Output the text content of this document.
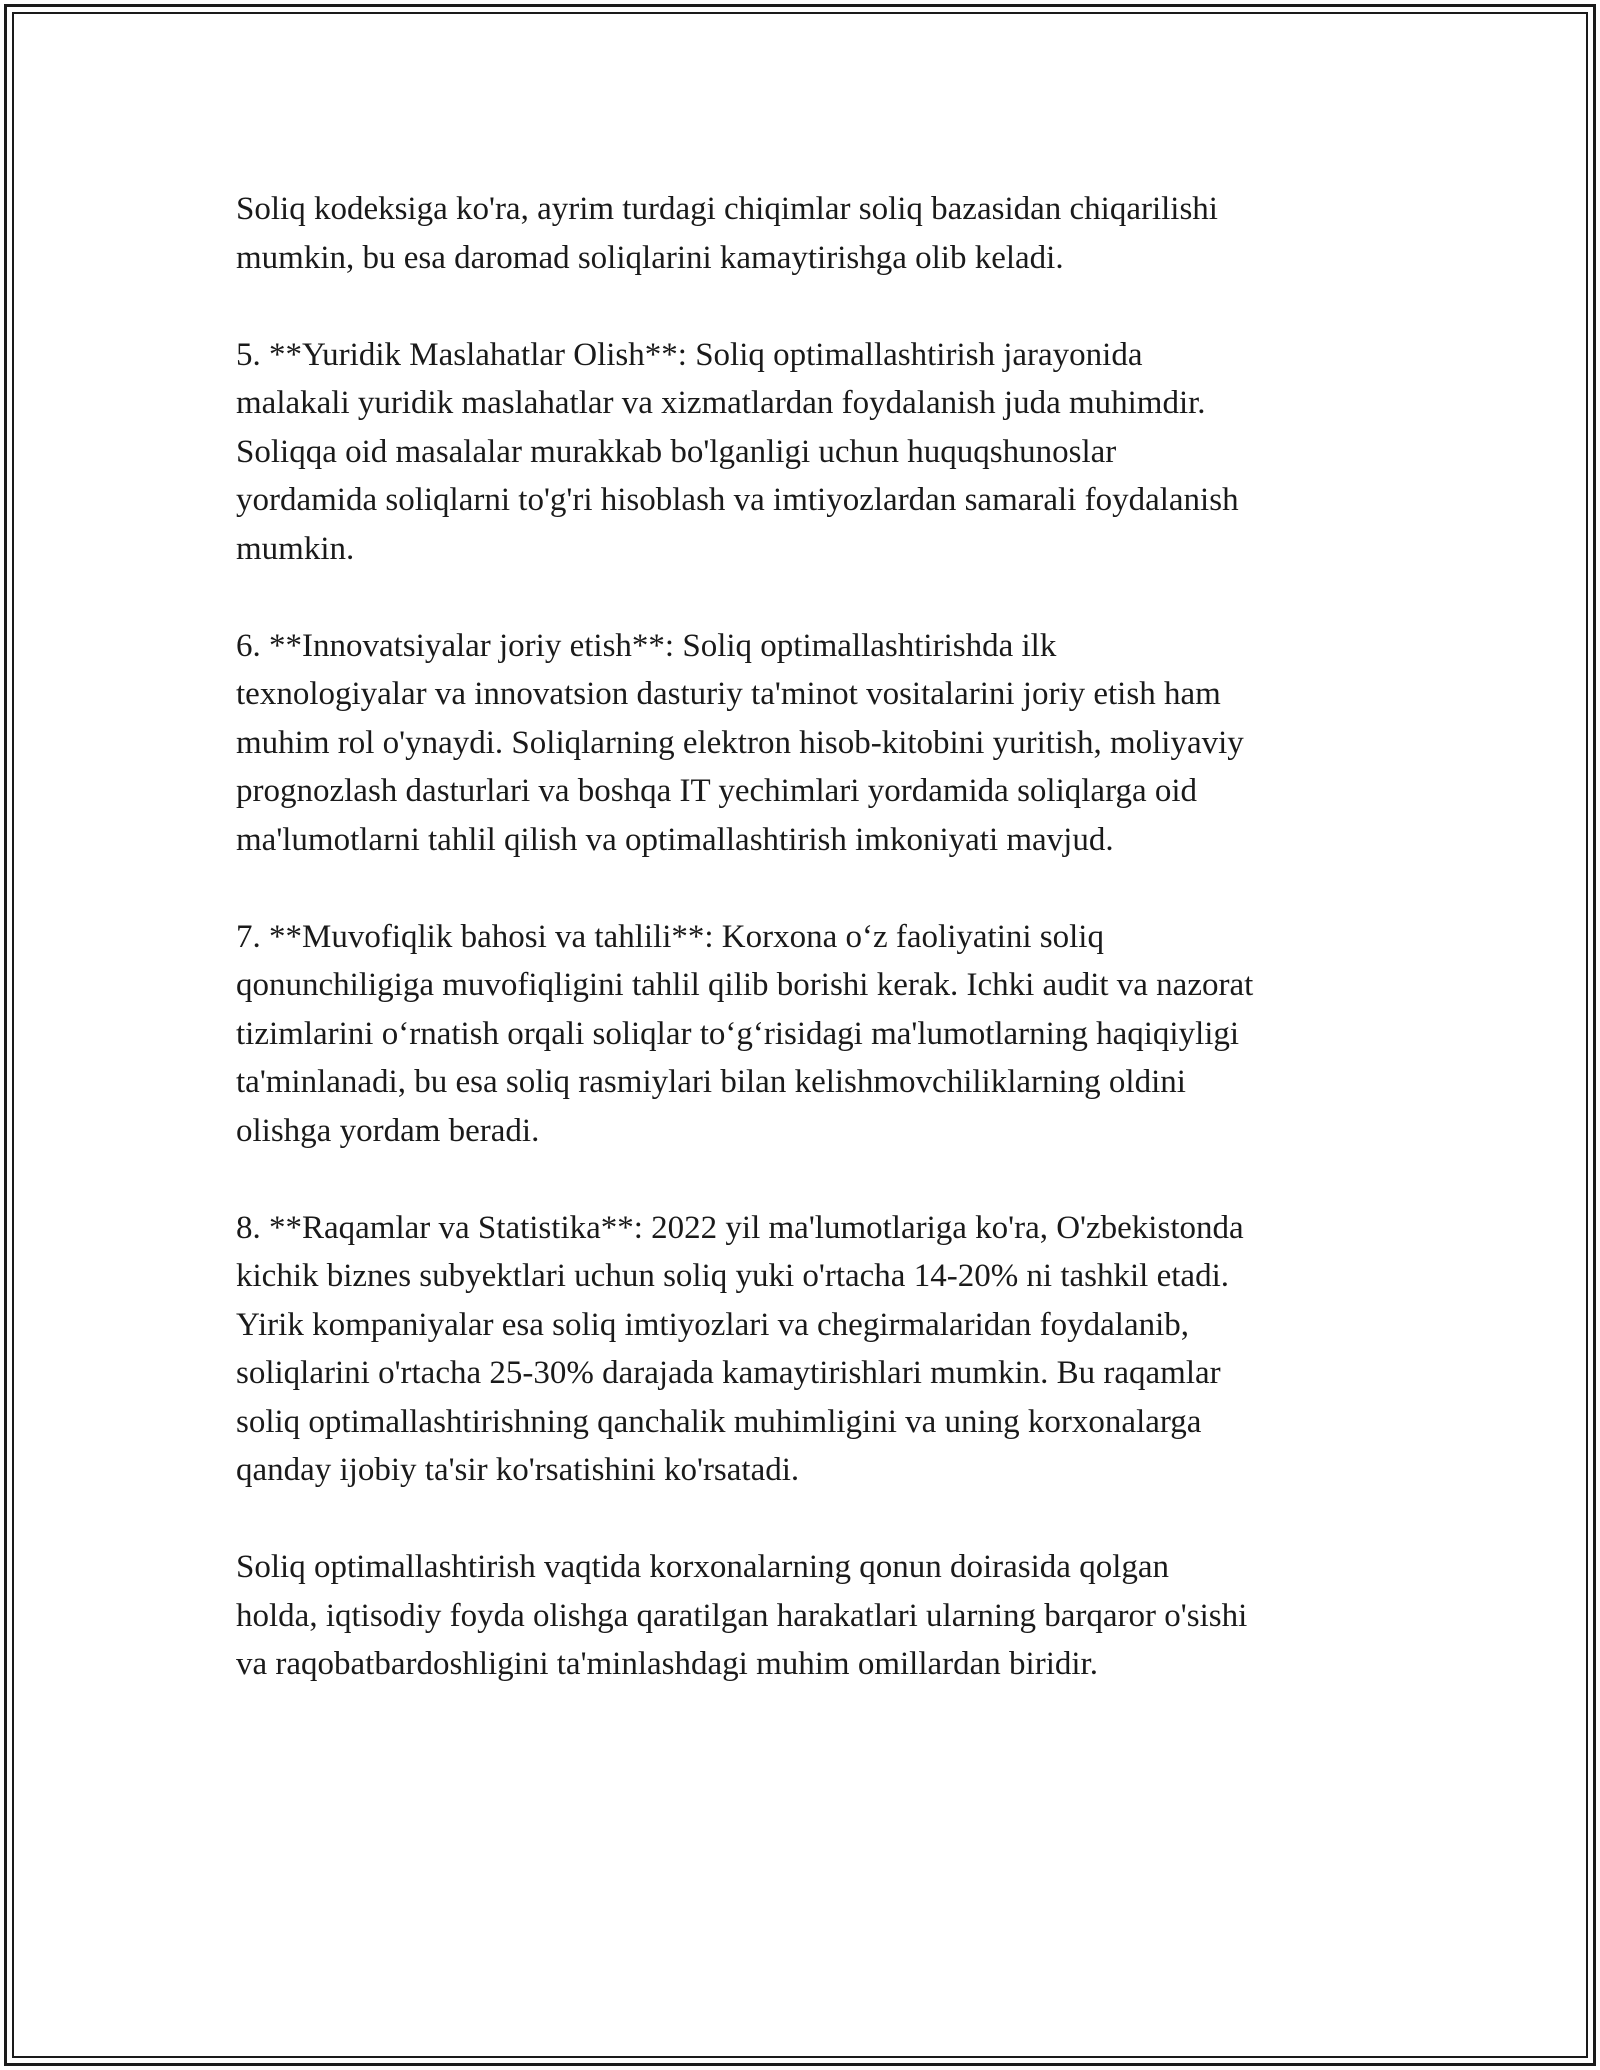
Soliq kodeksiga ko'ra, ayrim turdagi chiqimlar soliq bazasidan chiqarilishi
mumkin, bu esa daromad soliqlarini kamaytirishga olib keladi.
5. **Yuridik Maslahatlar Olish**: Soliq optimallashtirish jarayonida
malakali yuridik maslahatlar va xizmatlardan foydalanish juda muhimdir.
Soliqqa oid masalalar murakkab bo'lganligi uchun huquqshunoslar
yordamida soliqlarni to'g'ri hisoblash va imtiyozlardan samarali foydalanish
mumkin.
6. **Innovatsiyalar joriy etish**: Soliq optimallashtirishda ilk
texnologiyalar va innovatsion dasturiy ta'minot vositalarini joriy etish ham
muhim rol o'ynaydi. Soliqlarning elektron hisob-kitobini yuritish, moliyaviy
prognozlash dasturlari va boshqa IT yechimlari yordamida soliqlarga oid
ma'lumotlarni tahlil qilish va optimallashtirish imkoniyati mavjud.
7. **Muvofiqlik bahosi va tahlili**: Korxona o‘z faoliyatini soliq
qonunchiligiga muvofiqligini tahlil qilib borishi kerak. Ichki audit va nazorat
tizimlarini o‘rnatish orqali soliqlar to‘g‘risidagi ma'lumotlarning haqiqiyligi
ta'minlanadi, bu esa soliq rasmiylari bilan kelishmovchiliklarning oldini
olishga yordam beradi.
8. **Raqamlar va Statistika**: 2022 yil ma'lumotlariga ko'ra, O'zbekistonda
kichik biznes subyektlari uchun soliq yuki o'rtacha 14-20% ni tashkil etadi.
Yirik kompaniyalar esa soliq imtiyozlari va chegirmalaridan foydalanib,
soliqlarini o'rtacha 25-30% darajada kamaytirishlari mumkin. Bu raqamlar
soliq optimallashtirishning qanchalik muhimligini va uning korxonalarga
qanday ijobiy ta'sir ko'rsatishini ko'rsatadi.
Soliq optimallashtirish vaqtida korxonalarning qonun doirasida qolgan
holda, iqtisodiy foyda olishga qaratilgan harakatlari ularning barqaror o'sishi
va raqobatbardoshligini ta'minlashdagi muhim omillardan biridir.
